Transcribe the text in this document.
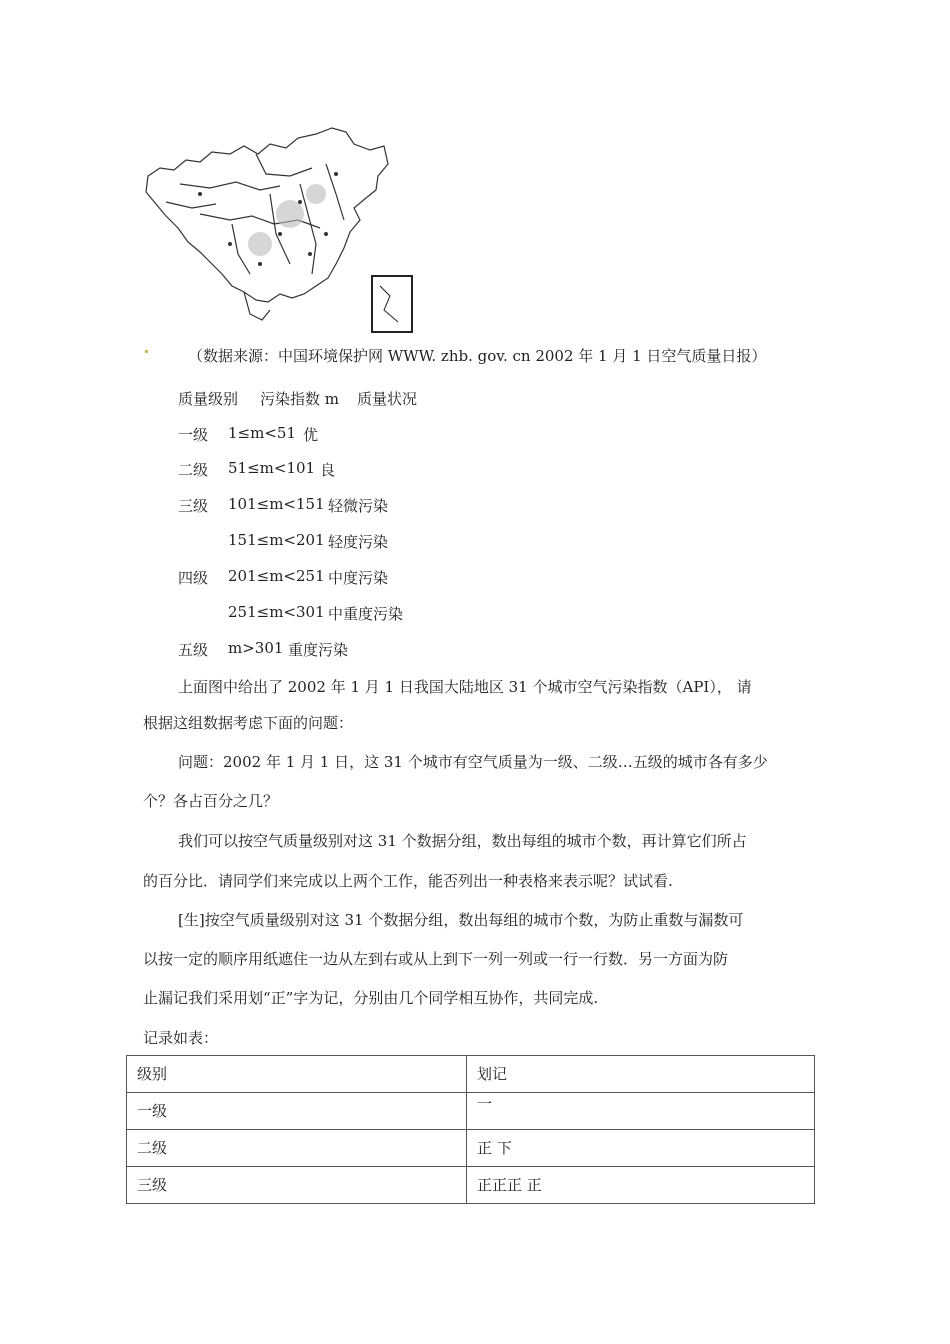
（数据来源：中国环境保护网 WWW. zhb. gov. cn 2002 年 1 月 1 日空气质量日报）
质量级别 污染指数 m 质量状况
一级 1≤m<51 优
二级 51≤m<101 良
三级 101≤m<151 轻微污染
151≤m<201 轻度污染
四级 201≤m<251 中度污染
251≤m<301 中重度污染
五级 m>301 重度污染
上面图中给出了 2002 年 1 月 1 日我国大陆地区 31 个城市空气污染指数（API）， 请
根据这组数据考虑下面的问题：
问题：2002 年 1 月 1 日，这 31 个城市有空气质量为一级、二级…五级的城市各有多少
个？各占百分之几？
我们可以按空气质量级别对这 31 个数据分组，数出每组的城市个数，再计算它们所占
的百分比．请同学们来完成以上两个工作，能否列出一种表格来表示呢？试试看.
[生]按空气质量级别对这 31 个数据分组，数出每组的城市个数，为防止重数与漏数可
以按一定的顺序用纸遮住一边从左到右或从上到下一列一列或一行一行数．另一方面为防
止漏记我们采用划“正”字为记，分别由几个同学相互协作，共同完成.
记录如表：
级别	划记
一级	一
二级	正 下
三级	正正正 正
